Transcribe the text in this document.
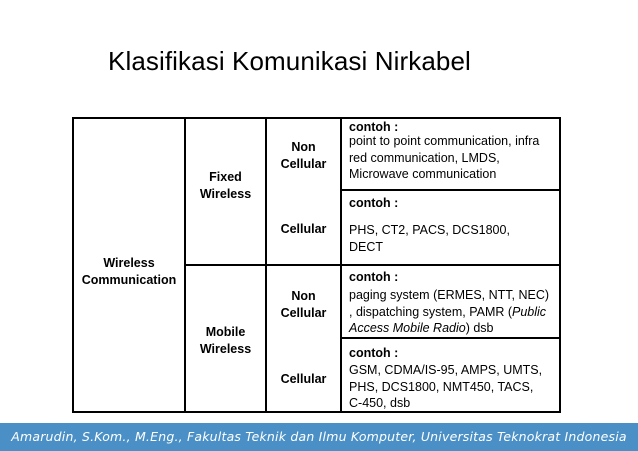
Klasifikasi Komunikasi Nirkabel
Wireless
Communication
Fixed
Wireless
Mobile
Wireless
Non
Cellular
Cellular
Non
Cellular
Cellular
contoh :
point to point communication, infra
red communication, LMDS,
Microwave communication
contoh :
PHS, CT2, PACS, DCS1800,
DECT
contoh :
paging system (ERMES, NTT, NEC)
, dispatching system, PAMR (Public
Access Mobile Radio) dsb
contoh :
GSM, CDMA/IS-95, AMPS, UMTS,
PHS, DCS1800, NMT450, TACS,
C-450, dsb
Amarudin, S.Kom., M.Eng., Fakultas Teknik dan Ilmu Komputer, Universitas Teknokrat Indonesia
